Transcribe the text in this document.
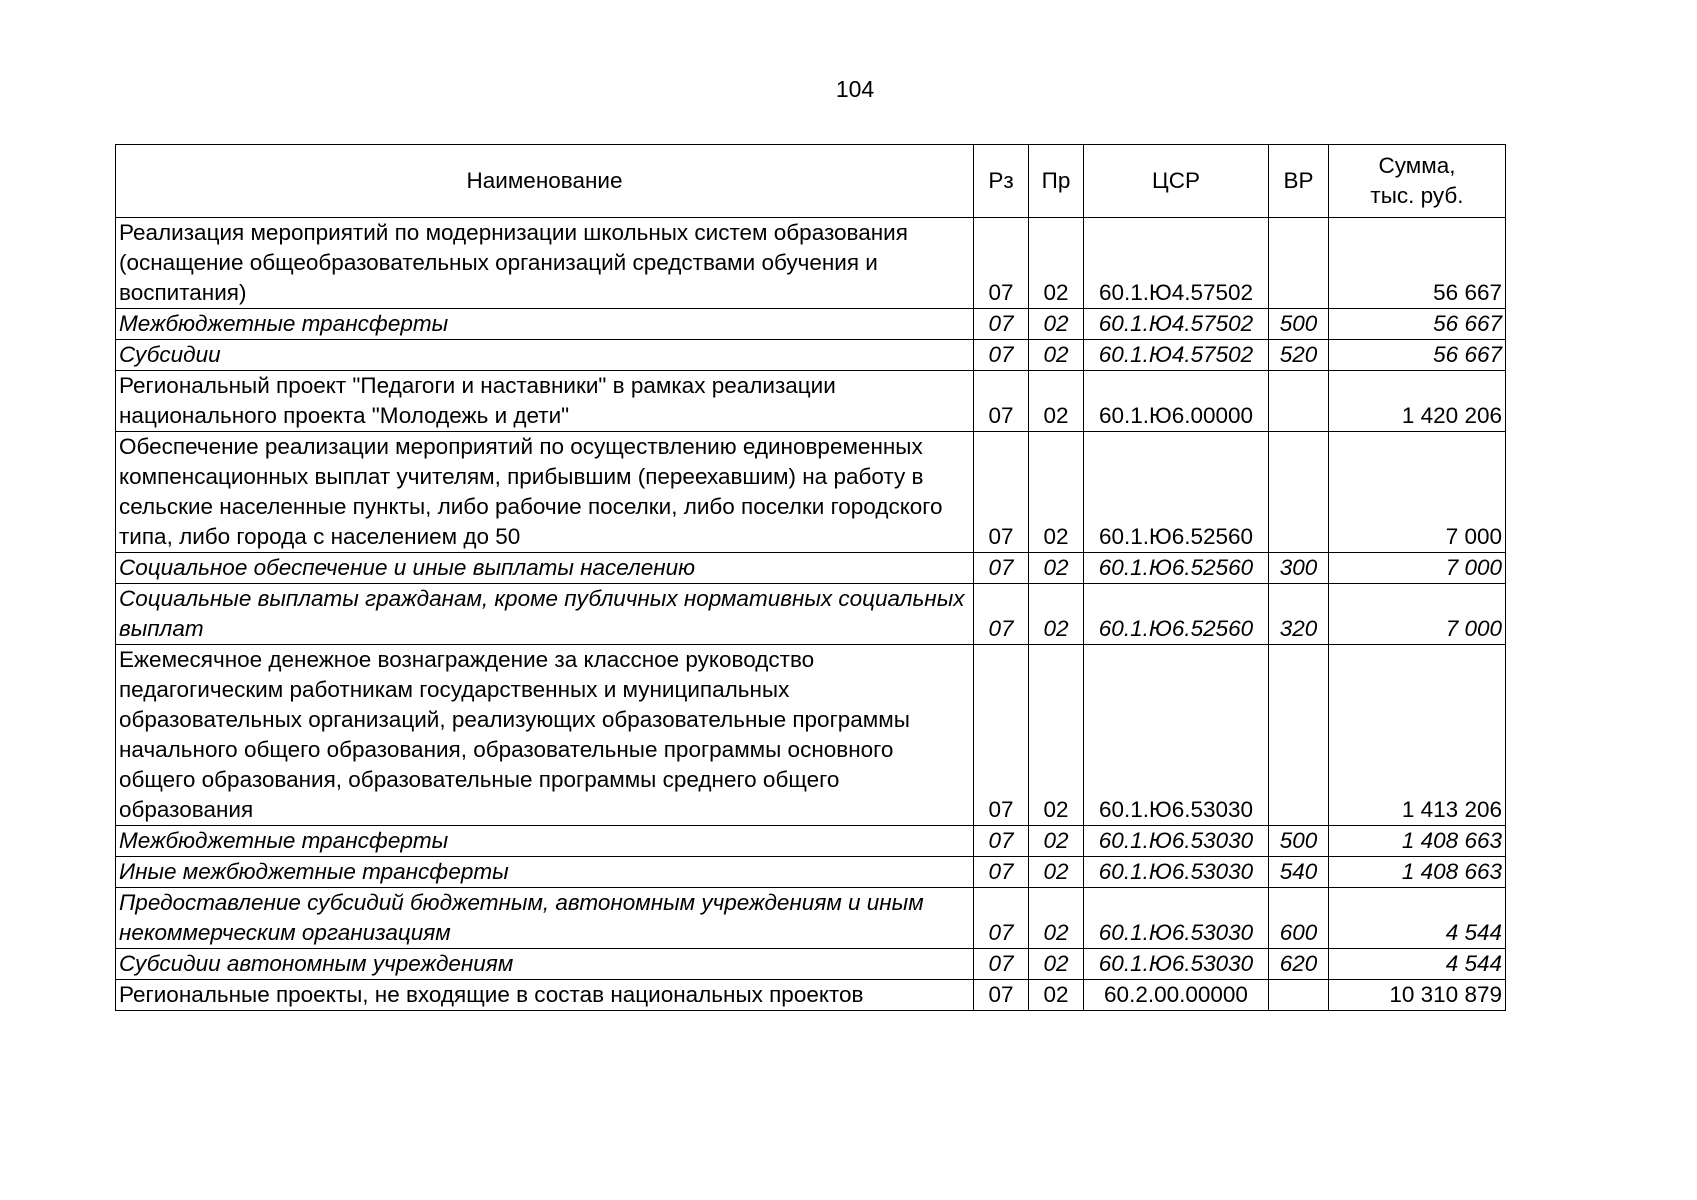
104
Наименование	Рз	Пр	ЦСР	ВР	Сумма,
тыс. руб.
Реализация мероприятий по модернизации школьных систем образования (оснащение общеобразовательных организаций средствами обучения и воспитания)	07	02	60.1.Ю4.57502		56 667
Межбюджетные трансферты	07	02	60.1.Ю4.57502	500	56 667
Субсидии	07	02	60.1.Ю4.57502	520	56 667
Региональный проект "Педагоги и наставники" в рамках реализации национального проекта "Молодежь и дети"	07	02	60.1.Ю6.00000		1 420 206
Обеспечение реализации мероприятий по осуществлению единовременных компенсационных выплат учителям, прибывшим (переехавшим) на работу в сельские населенные пункты, либо рабочие поселки, либо поселки городского типа, либо города с населением до 50	07	02	60.1.Ю6.52560		7 000
Социальное обеспечение и иные выплаты населению	07	02	60.1.Ю6.52560	300	7 000
Социальные выплаты гражданам, кроме публичных нормативных социальных выплат	07	02	60.1.Ю6.52560	320	7 000
Ежемесячное денежное вознаграждение за классное руководство педагогическим работникам государственных и муниципальных образовательных организаций, реализующих образовательные программы начального общего образования, образовательные программы основного общего образования, образовательные программы среднего общего образования	07	02	60.1.Ю6.53030		1 413 206
Межбюджетные трансферты	07	02	60.1.Ю6.53030	500	1 408 663
Иные межбюджетные трансферты	07	02	60.1.Ю6.53030	540	1 408 663
Предоставление субсидий бюджетным, автономным учреждениям и иным некоммерческим организациям	07	02	60.1.Ю6.53030	600	4 544
Субсидии автономным учреждениям	07	02	60.1.Ю6.53030	620	4 544
Региональные проекты, не входящие в состав национальных проектов	07	02	60.2.00.00000		10 310 879
